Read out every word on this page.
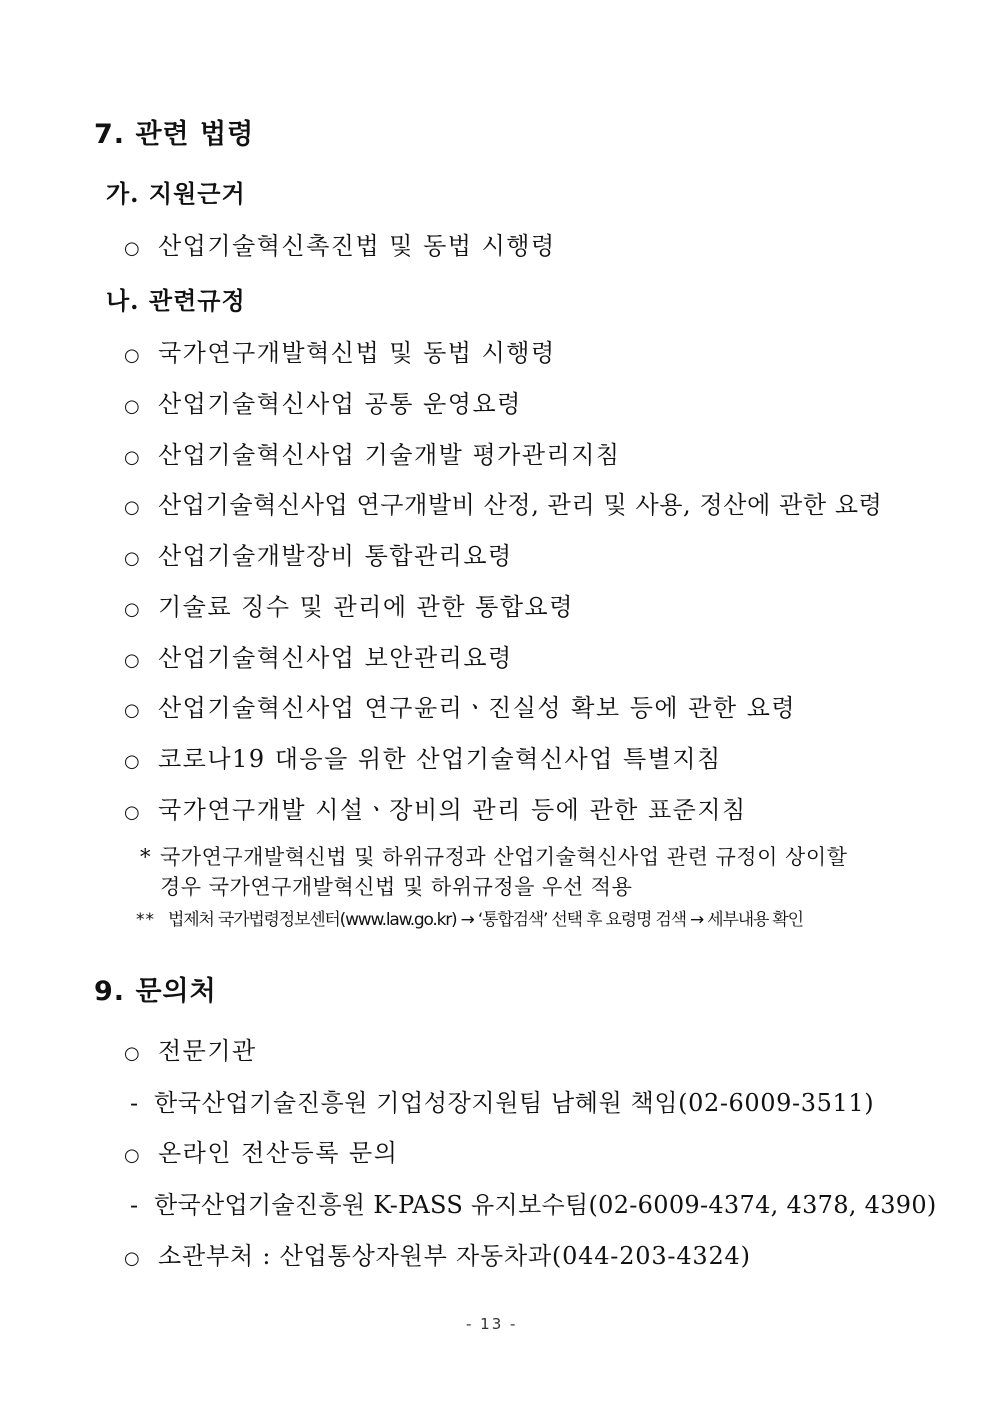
7. 관련 법령
가. 지원근거
○ 산업기술혁신촉진법 및 동법 시행령
나. 관련규정
○ 국가연구개발혁신법 및 동법 시행령
○ 산업기술혁신사업 공통 운영요령
○ 산업기술혁신사업 기술개발 평가관리지침
○ 산업기술혁신사업 연구개발비 산정, 관리 및 사용, 정산에 관한 요령
○ 산업기술개발장비 통합관리요령
○ 기술료 징수 및 관리에 관한 통합요령
○ 산업기술혁신사업 보안관리요령
○ 산업기술혁신사업 연구윤리ㆍ진실성 확보 등에 관한 요령
○ 코로나19 대응을 위한 산업기술혁신사업 특별지침
○ 국가연구개발 시설ㆍ장비의 관리 등에 관한 표준지침
* 국가연구개발혁신법 및 하위규정과 산업기술혁신사업 관련 규정이 상이할
경우 국가연구개발혁신법 및 하위규정을 우선 적용
** 법제처 국가법령정보센터(www.law.go.kr) → ‘통합검색’ 선택 후 요령명 검색 → 세부내용 확인
9. 문의처
○ 전문기관
- 한국산업기술진흥원 기업성장지원팀 남혜원 책임(02-6009-3511)
○ 온라인 전산등록 문의
- 한국산업기술진흥원 K-PASS 유지보수팀(02-6009-4374, 4378, 4390)
○ 소관부처 : 산업통상자원부 자동차과(044-203-4324)
- 13 -
